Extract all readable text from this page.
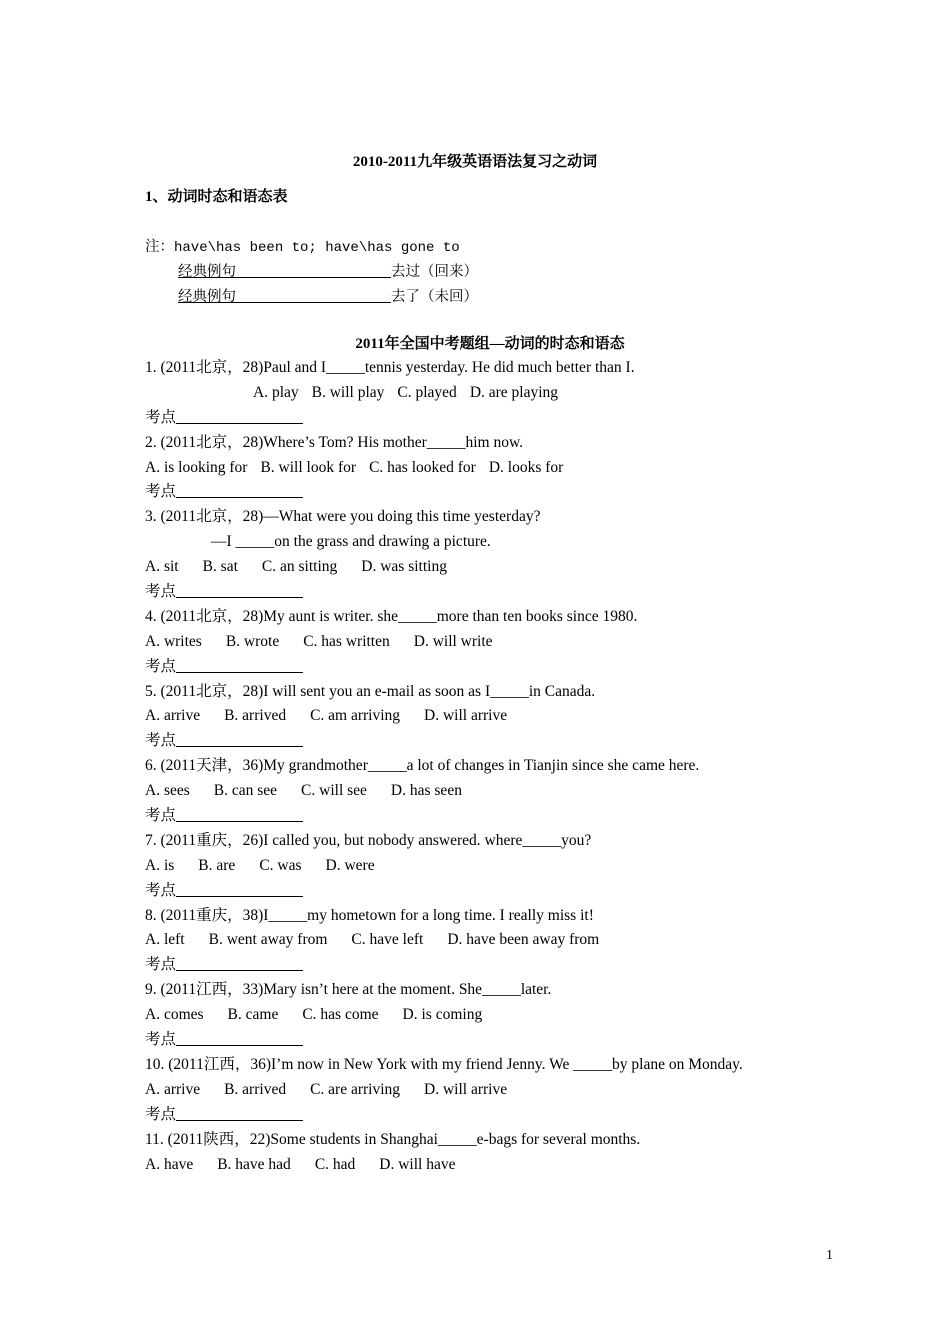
2010-2011九年级英语语法复习之动词
1、动词时态和语态表
注：have\has been to; have\has gone to
经典例句	去过（回来）
经典例句	去了（未回）
2011年全国中考题组—动词的时态和语态
1. (2011北京，28)Paul and I_____tennis yesterday. He did much better than I.
A. play B. will play C. played D. are playing
考点
2. (2011北京，28)Where’s Tom? His mother_____him now.
A. is looking for B. will look for C. has looked for D. looks for
考点
3. (2011北京，28)—What were you doing this time yesterday?
—I _____on the grass and drawing a picture.
A. sit B. sat C. an sitting D. was sitting
考点
4. (2011北京，28)My aunt is writer. she_____more than ten books since 1980.
A. writes B. wrote C. has written D. will write
考点
5. (2011北京，28)I will sent you an e-mail as soon as I_____in Canada.
A. arrive B. arrived C. am arriving D. will arrive
考点
6. (2011天津，36)My grandmother_____a lot of changes in Tianjin since she came here.
A. sees B. can see C. will see D. has seen
考点
7. (2011重庆，26)I called you, but nobody answered. where_____you?
A. is B. are C. was D. were
考点
8. (2011重庆，38)I_____my hometown for a long time. I really miss it!
A. left B. went away from C. have left D. have been away from
考点
9. (2011江西，33)Mary isn’t here at the moment. She_____later.
A. comes B. came C. has come D. is coming
考点
10. (2011江西，36)I’m now in New York with my friend Jenny. We _____by plane on Monday.
A. arrive B. arrived C. are arriving D. will arrive
考点
11. (2011陕西，22)Some students in Shanghai_____e-bags for several months.
A. have B. have had C. had D. will have
1
